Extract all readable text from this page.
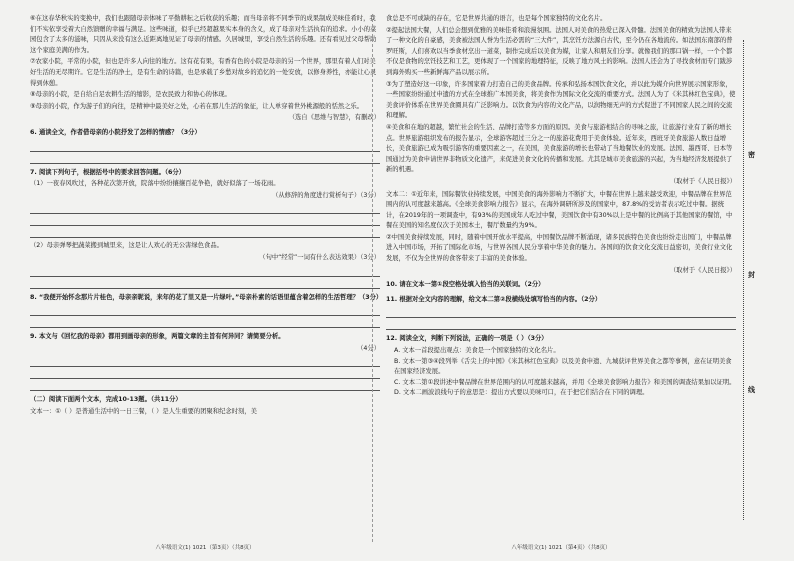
⑥在这春华秋实的变换中，我们也跟随母亲体味了平勤耕耘之后收获的乐趣；而当母亲将不同季节的成果制成美味佳肴时，我们不实依享受着大自然馈赠的幸福与满足。这些味道，似乎已经超越果实本身的含义，成了母亲对生活执有的追求。小小的菜园包含了太多的滋味，只因从来没有这么近距离地见证了母亲的情感。久居城里，享受自然生活的乐趣。还有看见过父母帮助这个家庭美满的作为。

⑦农家小院，平常的小院，但也是许多人向往的地方。这有花有果，有香有色的小院是母亲的另一个世界，那里有着人们对美好生活的无尽期许。它是生活的净土，是有生命的诗篇，也是承载了乡愁对故乡的追忆的一处安放，以修身养性，亦能让心灵得到休憩。

⑧母亲的小院，是自给自足农耕生活的缩影，是农民致力和协心的体现。

⑨母亲的小院，作为游子们的向往，是精神中最美好之处，心若在那儿生活的象征，让人单穿着世外桃源般的恬然之乐。

（选自《思维与智慧》，有删改）

6. 通读全文，作者借母亲的小院抒发了怎样的情感？（3分）

7. 阅读下列句子，根据括号中的要求回答问题。（6分）

（1）一夜春风吹过，各种花次第开放，院落中纷纷攘攘百花争艳，就好似落了一场花雨。

（从修辞的角度进行赏析句子）（3分）

（2）母亲弹琴把蔬菜搬到城里来，这是让人欢心的无公害绿色食品。

（句中“经常”一词有什么表达效果）（3分）

8. “我便开始怀念那片片桂色，母亲亲昵说，来年的花了里又是一片绿叶。”母亲朴素的话语里蕴含着怎样的生活哲理？（3分）

9. 本文与《回忆我的母亲》都用到画母亲的形象，两篇文章的主旨有何异同？请简要分析。

（4分）

（二）阅读下面两个文本，完成10-13题。（共11分）

文本一：①（ ）是普通生活中的一日三餐，（ ）是人生重要的团聚和纪念时刻，美

八年级语文(1) 1021（第3页）（共8页）

食总是不可或缺的存在，它是世界共通的语言，也是每个国家独特的文化名片。

②提起法国大餐，人们总会想到优雅的美味佳肴和浪漫氛围。法国人对美食的热爱已深入骨髓。法国美食的精致为法国人带来了一种文化的自豪感，美食被法国人誉为生活必需的“三大件”，其烹饪方法源自古代，至今仍在各地流传。如法国东南部的普罗旺斯，人们喜欢以当季食材烹出一道菜，制作完成后以美食为媒，让家人和朋友们分享。就像我们的那口锅一样，一个个都不仅是食物的烹饪技艺和工艺，更体现了一个国家的地理特征，反映了地方风土的影响。法国人还会为了寻找食材而专门跋涉到海外购买一些新鲜海产品以展示所。

③为了塑造好这一印象，许多国家着力打造自己的美食品牌。传承和弘扬本国饮食文化，并以此为媒介向世界展示国家形象，一些国家纷纷通过申遗的方式在全球推广本国美食，将美食作为国际文化交流的重要方式。法国人为了《米其林红色宝典》，使美食评价体系在世界美食圈具有广泛影响力。以饮食为内容的文化产品，以润物细无声的方式促进了不同国家人民之间的交流和理解。

④美食和在地的超越，繁忙社会的生活、品牌打造等多方面的原因。美食与旅游相结合的寻味之旅，让旅游行业有了新的增长点。世界旅游组织发布的报告显示，全球游客超过三分之一的旅游花费用于美食体验。近年来，西班牙美食旅游人数日益增长，美食旅游已成为吸引游客的重要因素之一，在美国，美食旅游的增长也带动了当地餐饮业的发展。法国、墨西哥、日本等国通过为美食申请世界非物质文化遗产，来促进美食文化的传播和发展。尤其是城市美食旅游的兴起，为当地经济发展提供了新的机遇。

（取材于《人民日报》）

文本二：①近年来，国际餐饮业持续发展，中国美食的海外影响力不断扩大，中餐在世界上越来越受欢迎，中餐品牌在世界范围内的认可度越来越高。《全球美食影响力报告》显示，在海外调研所涉及的国家中，87.8%的受访者表示吃过中餐。据统计，在2019年的一项调查中，有93%的美国成年人吃过中餐，美国饮食中有30%以上是中餐的比例高于其他国家的餐馆，中餐在美国的知名度仅次于美国本土，餐厅数量约为9%。

②中国美食持续发展，同时，随着中国开放水平提高，中国餐饮品牌不断涌现，诸多民族特色美食也纷纷走出国门，中餐品牌进入中国市场，开拓了国际化市场，与世界各国人民分享着中华美食的魅力。各国间的饮食文化交流日益密切，美食行业文化发展，不仅为全世界的食客带来了丰富的美食体验。

（取材于《人民日报》）

10. 请在文本一第①段空格处填入恰当的关联词。（2分）

11. 根据对全文内容的理解，给文本二第②段横线处填写恰当的内容。（2分）

12. 阅读全文，判断下列说法，正确的一项是（ ）（3分）

A. 文本一首段提出观点：美食是一个国家独特的文化名片。

B. 文本一第③④段列举《舌尖上的中国》《米其林红色宝典》以及美食申遗、九城获评世界美食之都等事例，意在证明美食在国家经济发展。

C. 文本二第①段讲述中餐品牌在世界范围内的认可度越来越高，并用《全球美食影响力报告》和美国的调查结果加以证明。

D. 文本二画波浪线句子的意思是：提出方式要以美味可口，在于把它们结合在下同的调理。

八年级语文(1) 1021（第4页）（共8页）
密
封
线
